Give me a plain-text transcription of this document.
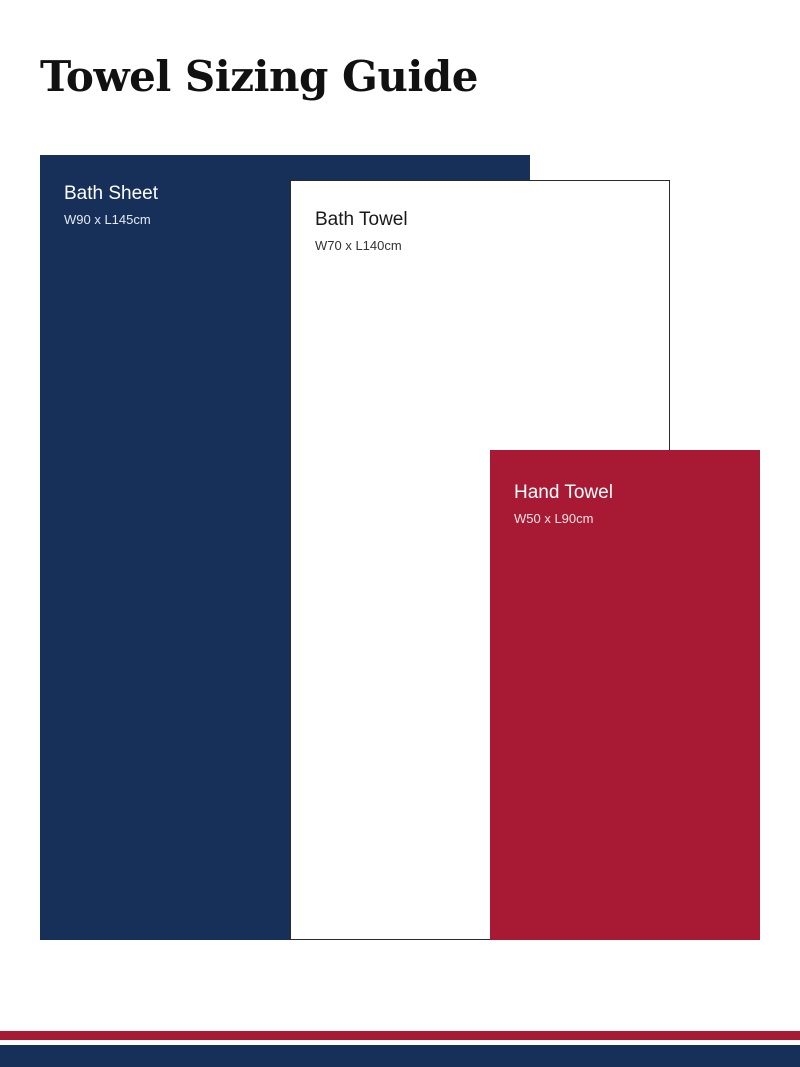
Towel Sizing Guide

Bath Sheet

W90 x L145cm	Bath Towel

W70 x L140cm

Hand Towel

W50 x L90cm
